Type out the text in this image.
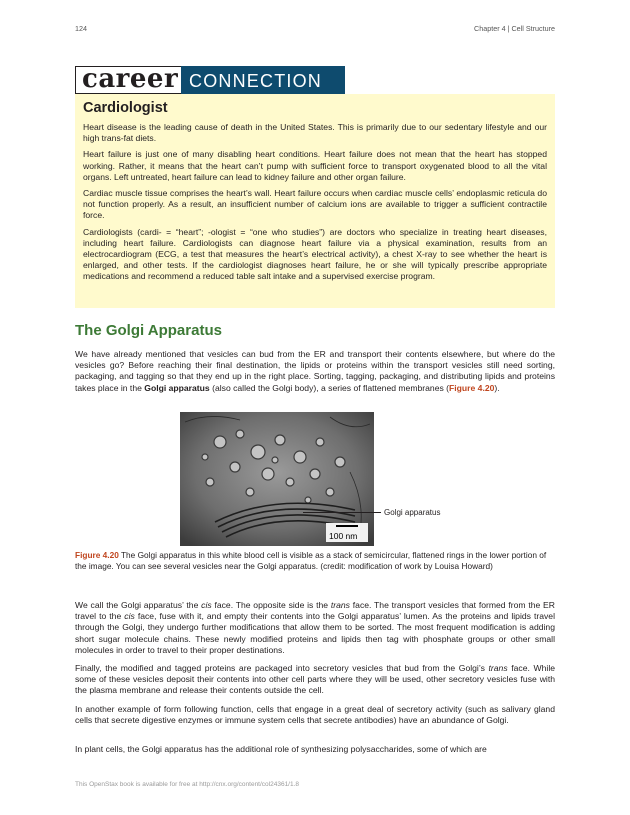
124	Chapter 4 | Cell Structure
career CONNECTION
Cardiologist

Heart disease is the leading cause of death in the United States. This is primarily due to our sedentary lifestyle and our high trans-fat diets.

Heart failure is just one of many disabling heart conditions. Heart failure does not mean that the heart has stopped working. Rather, it means that the heart can’t pump with sufficient force to transport oxygenated blood to all the vital organs. Left untreated, heart failure can lead to kidney failure and other organ failure.

Cardiac muscle tissue comprises the heart’s wall. Heart failure occurs when cardiac muscle cells’ endoplasmic reticula do not function properly. As a result, an insufficient number of calcium ions are available to trigger a sufficient contractile force.

Cardiologists (cardi- = “heart”; -ologist = “one who studies”) are doctors who specialize in treating heart diseases, including heart failure. Cardiologists can diagnose heart failure via a physical examination, results from an electrocardiogram (ECG, a test that measures the heart’s electrical activity), a chest X-ray to see whether the heart is enlarged, and other tests. If the cardiologist diagnoses heart failure, he or she will typically prescribe appropriate medications and recommend a reduced table salt intake and a supervised exercise program.

The Golgi Apparatus

We have already mentioned that vesicles can bud from the ER and transport their contents elsewhere, but where do the vesicles go? Before reaching their final destination, the lipids or proteins within the transport vesicles still need sorting, packaging, and tagging so that they end up in the right place. Sorting, tagging, packaging, and distributing lipids and proteins takes place in the Golgi apparatus (also called the Golgi body), a series of flattened membranes (Figure 4.20).

100 nm
Golgi apparatus

Figure 4.20 The Golgi apparatus in this white blood cell is visible as a stack of semicircular, flattened rings in the lower portion of the image. You can see several vesicles near the Golgi apparatus. (credit: modification of work by Louisa Howard)

We call the Golgi apparatus’ the cis face. The opposite side is the trans face. The transport vesicles that formed from the ER travel to the cis face, fuse with it, and empty their contents into the Golgi apparatus’ lumen. As the proteins and lipids travel through the Golgi, they undergo further modifications that allow them to be sorted. The most frequent modification is adding short sugar molecule chains. These newly modified proteins and lipids then tag with phosphate groups or other small molecules in order to travel to their proper destinations.

Finally, the modified and tagged proteins are packaged into secretory vesicles that bud from the Golgi’s trans face. While some of these vesicles deposit their contents into other cell parts where they will be used, other secretory vesicles fuse with the plasma membrane and release their contents outside the cell.

In another example of form following function, cells that engage in a great deal of secretory activity (such as salivary gland cells that secrete digestive enzymes or immune system cells that secrete antibodies) have an abundance of Golgi.

In plant cells, the Golgi apparatus has the additional role of synthesizing polysaccharides, some of which are

This OpenStax book is available for free at http://cnx.org/content/col24361/1.8
